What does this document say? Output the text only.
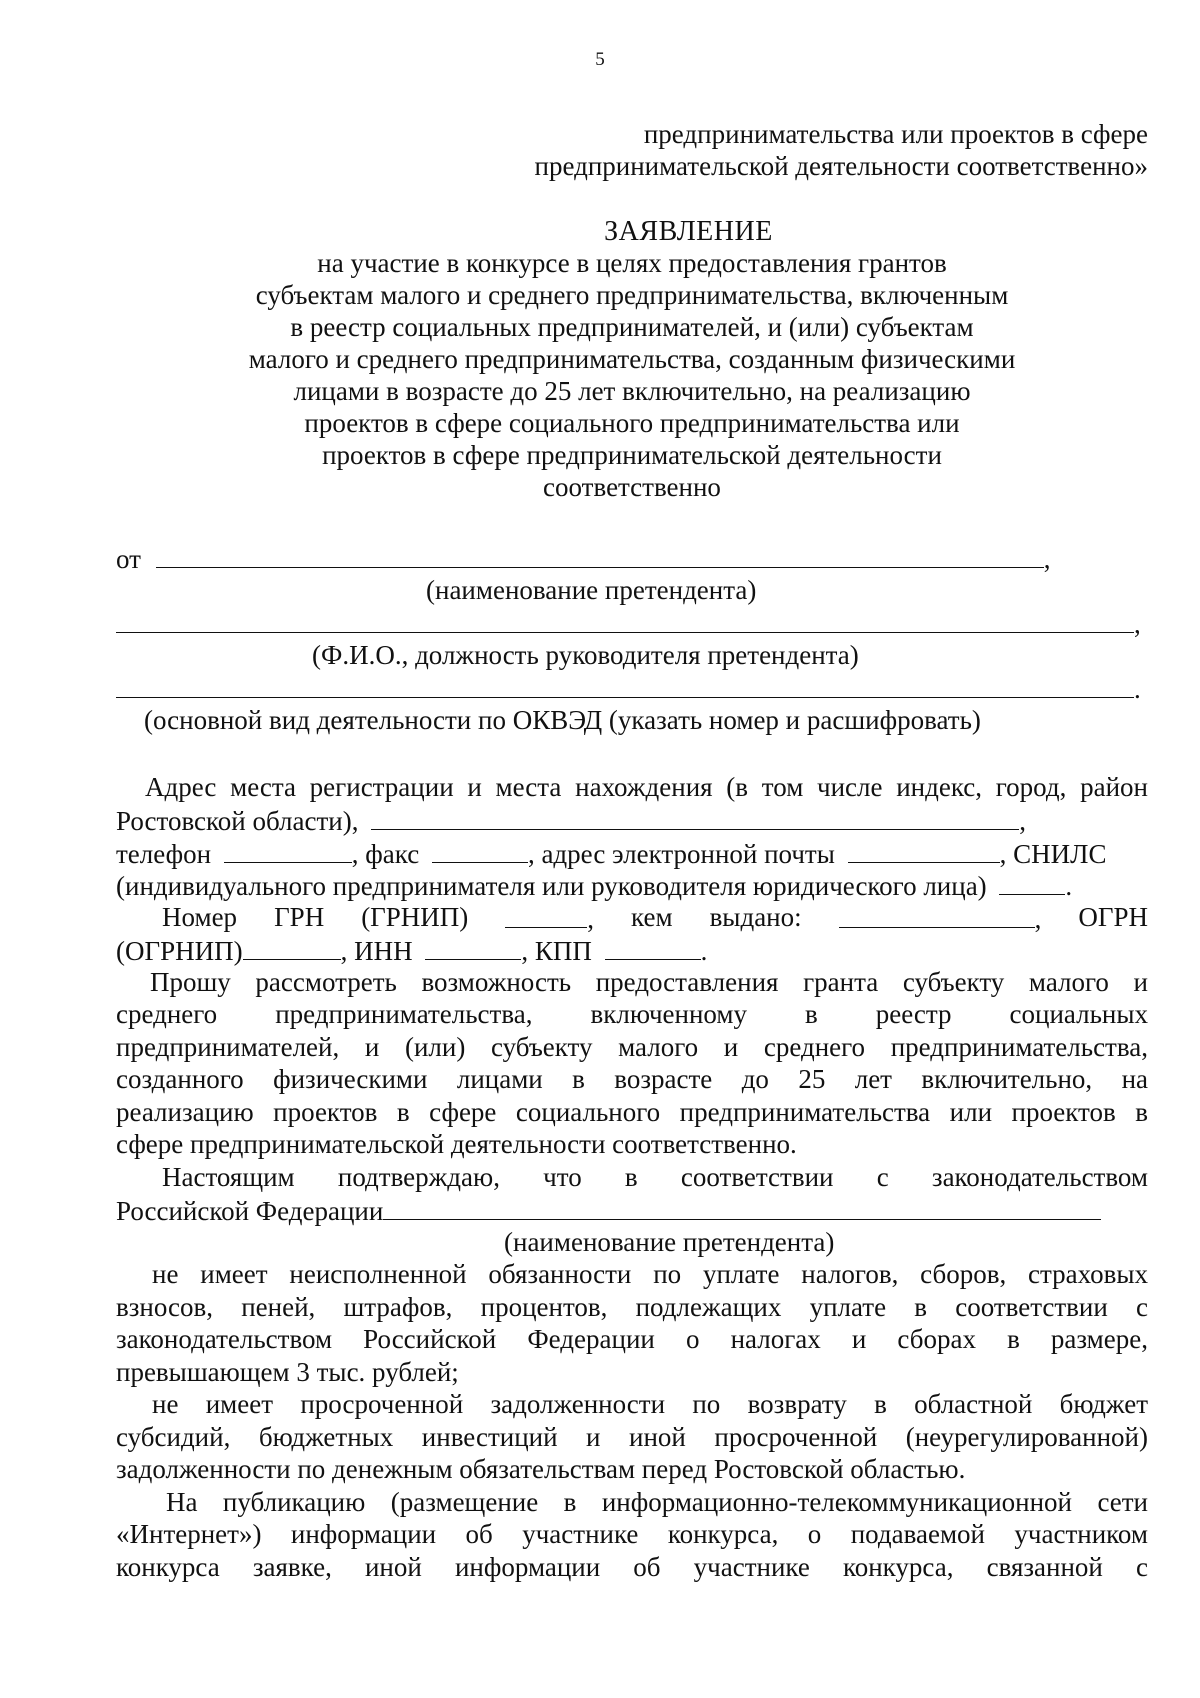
5
предпринимательства или проектов в сфере
предпринимательской деятельности соответственно»
ЗАЯВЛЕНИЕ
на участие в конкурсе в целях предоставления грантов
субъектам малого и среднего предпринимательства, включенным
в реестр социальных предпринимателей, и (или) субъектам
малого и среднего предпринимательства, созданным физическими
лицами в возрасте до 25 лет включительно, на реализацию
проектов в сфере социального предпринимательства или
проектов в сфере предпринимательской деятельности
соответственно
от	,
(наименование претендента)
,
(Ф.И.О., должность руководителя претендента)
.
(основной вид деятельности по ОКВЭД (указать номер и расшифровать)
Адрес места регистрации и места нахождения (в том числе индекс, город, район
Ростовской области),	,
телефон	, факс	, адрес электронной почты	, СНИЛС
(индивидуального предпринимателя или руководителя юридического лица)	.
Номер ГРН (ГРНИП)	, кем выдано:	, ОГРН
(ОГРНИП)	, ИНН	, КПП	.
Прошу рассмотреть возможность предоставления гранта субъекту малого и
среднего предпринимательства, включенному в реестр социальных
предпринимателей, и (или) субъекту малого и среднего предпринимательства,
созданного физическими лицами в возрасте до 25 лет включительно, на
реализацию проектов в сфере социального предпринимательства или проектов в
сфере предпринимательской деятельности соответственно.
Настоящим подтверждаю, что в соответствии с законодательством
Российской Федерации
(наименование претендента)
не имеет неисполненной обязанности по уплате налогов, сборов, страховых
взносов, пеней, штрафов, процентов, подлежащих уплате в соответствии с
законодательством Российской Федерации о налогах и сборах в размере,
превышающем 3 тыс. рублей;
не имеет просроченной задолженности по возврату в областной бюджет
субсидий, бюджетных инвестиций и иной просроченной (неурегулированной)
задолженности по денежным обязательствам перед Ростовской областью.
На публикацию (размещение в информационно-телекоммуникационной сети
«Интернет») информации об участнике конкурса, о подаваемой участником
конкурса заявке, иной информации об участнике конкурса, связанной с
